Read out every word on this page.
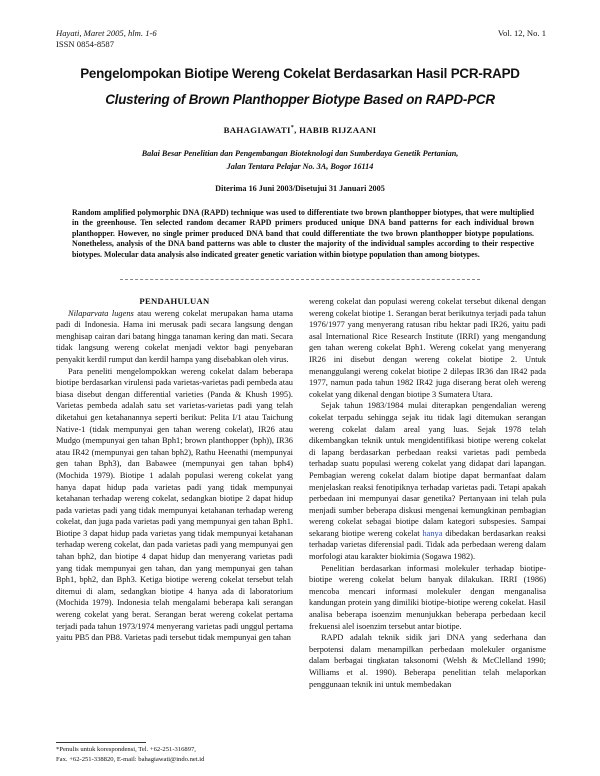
Hayati, Maret 2005, hlm. 1-6
ISSN 0854-8587
Vol. 12, No. 1
Pengelompokan Biotipe Wereng Cokelat Berdasarkan Hasil PCR-RAPD
Clustering of Brown Planthopper Biotype Based on RAPD-PCR
BAHAGIAWATI*, HABIB RIJZAANI
Balai Besar Penelitian dan Pengembangan Bioteknologi dan Sumberdaya Genetik Pertanian,
Jalan Tentara Pelajar No. 3A, Bogor 16114
Diterima 16 Juni 2003/Disetujui 31 Januari 2005
Random amplified polymorphic DNA (RAPD) technique was used to differentiate two brown planthopper biotypes, that were multiplied in the greenhouse. Ten selected random decamer RAPD primers produced unique DNA band patterns for each individual brown planthopper. However, no single primer produced DNA band that could differentiate the two brown planthopper biotype populations. Nonetheless, analysis of the DNA band patterns was able to cluster the majority of the individual samples according to their respective biotypes. Molecular data analysis also indicated greater genetic variation within biotype population than among biotypes.

PENDAHULUAN

Nilaparvata lugens atau wereng cokelat merupakan hama utama padi di Indonesia. Hama ini merusak padi secara langsung dengan menghisap cairan dari batang hingga tanaman kering dan mati. Secara tidak langsung wereng cokelat menjadi vektor bagi penyebaran penyakit kerdil rumput dan kerdil hampa yang disebabkan oleh virus.

Para peneliti mengelompokkan wereng cokelat dalam beberapa biotipe berdasarkan virulensi pada varietas-varietas padi pembeda atau biasa disebut dengan differential varieties (Panda & Khush 1995). Varietas pembeda adalah satu set varietas-varietas padi yang telah diketahui gen ketahanannya seperti berikut: Pelita I/1 atau Taichung Native-1 (tidak mempunyai gen tahan wereng cokelat), IR26 atau Mudgo (mempunyai gen tahan Bph1; brown planthopper (bph)), IR36 atau IR42 (mempunyai gen tahan bph2), Rathu Heenathi (mempunyai gen tahan Bph3), dan Babawee (mempunyai gen tahan bph4) (Mochida 1979). Biotipe 1 adalah populasi wereng cokelat yang hanya dapat hidup pada varietas padi yang tidak mempunyai ketahanan terhadap wereng cokelat, sedangkan biotipe 2 dapat hidup pada varietas padi yang tidak mempunyai ketahanan terhadap wereng cokelat, dan juga pada varietas padi yang mempunyai gen tahan Bph1. Biotipe 3 dapat hidup pada varietas yang tidak mempunyai ketahanan terhadap wereng cokelat, dan pada varietas padi yang mempunyai gen tahan bph2, dan biotipe 4 dapat hidup dan menyerang varietas padi yang tidak mempunyai gen tahan, dan yang mempunyai gen tahan Bph1, bph2, dan Bph3. Ketiga biotipe wereng cokelat tersebut telah ditemui di alam, sedangkan biotipe 4 hanya ada di laboratorium (Mochida 1979). Indonesia telah mengalami beberapa kali serangan wereng cokelat yang berat. Serangan berat wereng cokelat pertama terjadi pada tahun 1973/1974 menyerang varietas padi unggul pertama yaitu PB5 dan PB8. Varietas padi tersebut tidak mempunyai gen tahan

wereng cokelat dan populasi wereng cokelat tersebut dikenal dengan wereng cokelat biotipe 1. Serangan berat berikutnya terjadi pada tahun 1976/1977 yang menyerang ratusan ribu hektar padi IR26, yaitu padi asal International Rice Research Institute (IRRI) yang mengandung gen tahan wereng cokelat Bph1. Wereng cokelat yang menyerang IR26 ini disebut dengan wereng cokelat biotipe 2. Untuk menanggulangi wereng cokelat biotipe 2 dilepas IR36 dan IR42 pada 1977, namun pada tahun 1982 IR42 juga diserang berat oleh wereng cokelat yang dikenal dengan biotipe 3 Sumatera Utara.

Sejak tahun 1983/1984 mulai diterapkan pengendalian wereng cokelat terpadu sehingga sejak itu tidak lagi ditemukan serangan wereng cokelat dalam areal yang luas. Sejak 1978 telah dikembangkan teknik untuk mengidentifikasi biotipe wereng cokelat di lapang berdasarkan perbedaan reaksi varietas padi pembeda terhadap suatu populasi wereng cokelat yang didapat dari lapangan. Pembagian wereng cokelat dalam biotipe dapat bermanfaat dalam menjelaskan reaksi fenotipiknya terhadap varietas padi. Tetapi apakah perbedaan ini mempunyai dasar genetika? Pertanyaan ini telah pula menjadi sumber beberapa diskusi mengenai kemungkinan pembagian wereng cokelat sebagai biotipe dalam kategori subspesies. Sampai sekarang biotipe wereng cokelat hanya dibedakan berdasarkan reaksi terhadap varietas diferensial padi. Tidak ada perbedaan wereng dalam morfologi atau karakter biokimia (Sogawa 1982).

Penelitian berdasarkan informasi molekuler terhadap biotipe-biotipe wereng cokelat belum banyak dilakukan. IRRI (1986) mencoba mencari informasi molekuler dengan menganalisa kandungan protein yang dimiliki biotipe-biotipe wereng cokelat. Hasil analisa beberapa isoenzim menunjukkan beberapa perbedaan kecil frekuensi alel isoenzim tersebut antar biotipe.

RAPD adalah teknik sidik jari DNA yang sederhana dan berpotensi dalam menampilkan perbedaan molekuler organisme dalam berbagai tingkatan taksonomi (Welsh & McClelland 1990; Williams et al. 1990). Beberapa penelitian telah melaporkan penggunaan teknik ini untuk membedakan

*Penulis untuk korespondensi, Tel. +62-251-316897,
Fax. +62-251-338820, E-mail: bahagiawati@indo.net.id
